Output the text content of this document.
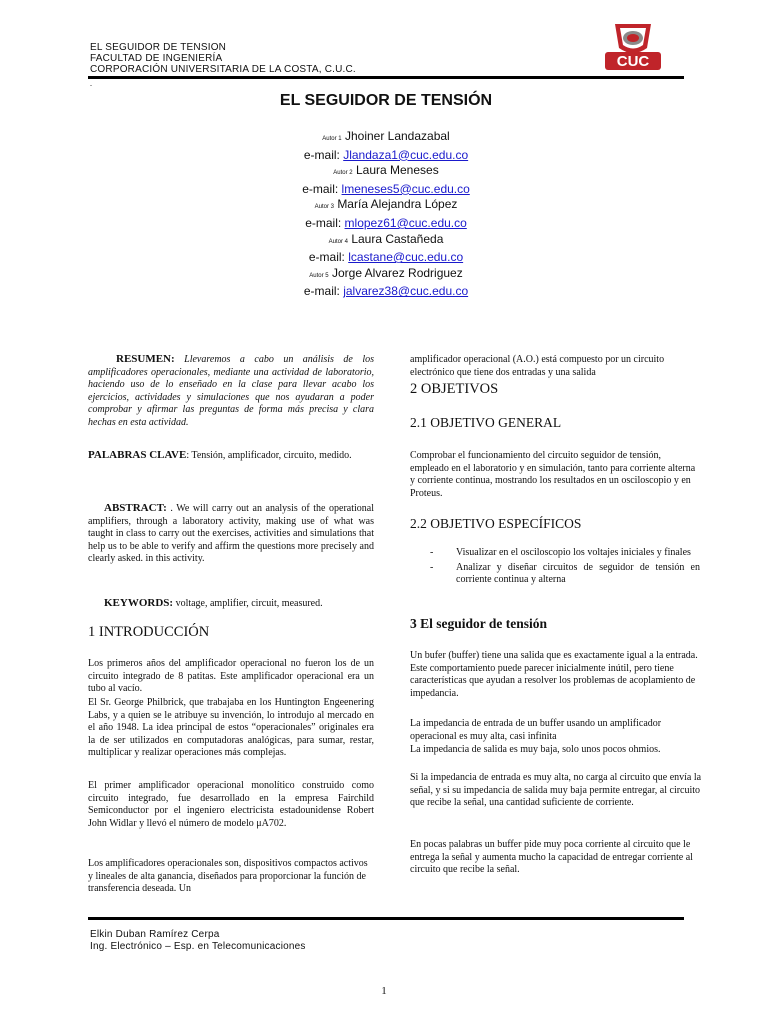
EL SEGUIDOR DE TENSION
FACULTAD DE INGENIERÍA
CORPORACIÓN UNIVERSITARIA DE LA COSTA, C.U.C.	CUC
.
EL SEGUIDOR DE TENSIÓN
Autor 1 Jhoiner Landazabal
e-mail: Jlandaza1@cuc.edu.co
Autor 2 Laura Meneses
e-mail: lmeneses5@cuc.edu.co
Autor 3 María Alejandra López
e-mail: mlopez61@cuc.edu.co
Autor 4 Laura Castañeda
e-mail: lcastane@cuc.edu.co
Autor 5 Jorge Alvarez Rodriguez
e-mail: jalvarez38@cuc.edu.co
RESUMEN: Llevaremos a cabo un análisis de los amplificadores operacionales, mediante una actividad de laboratorio, haciendo uso de lo enseñado en la clase para llevar acabo los ejercicios, actividades y simulaciones que nos ayudaran a poder comprobar y afirmar las preguntas de forma más precisa y clara hechas en esta actividad.
PALABRAS CLAVE: Tensión, amplificador, circuito, medido.
ABSTRACT: . We will carry out an analysis of the operational amplifiers, through a laboratory activity, making use of what was taught in class to carry out the exercises, activities and simulations that help us to be able to verify and affirm the questions more precisely and clearly asked. in this activity.
KEYWORDS: voltage, amplifier, circuit, measured.
1 INTRODUCCIÓN
Los primeros años del amplificador operacional no fueron los de un circuito integrado de 8 patitas. Este amplificador operacional era un tubo al vacío.
El Sr. George Philbrick, que trabajaba en los Huntington Engeenering Labs, y a quien se le atribuye su invención, lo introdujo al mercado en el año 1948. La idea principal de estos “operacionales” originales era la de ser utilizados en computadoras analógicas, para sumar, restar, multiplicar y realizar operaciones más complejas.
El primer amplificador operacional monolítico construido como circuito integrado, fue desarrollado en la empresa Fairchild Semiconductor por el ingeniero electricista estadounidense Robert John Widlar y llevó el número de modelo μA702.
Los amplificadores operacionales son, dispositivos compactos activos y lineales de alta ganancia, diseñados para proporcionar la función de transferencia deseada. Un
amplificador operacional (A.O.) está compuesto por un circuito electrónico que tiene dos entradas y una salida
2 OBJETIVOS
2.1 OBJETIVO GENERAL
Comprobar el funcionamiento del circuito seguidor de tensión, empleado en el laboratorio y en simulación, tanto para corriente alterna y corriente continua, mostrando los resultados en un osciloscopio y en Proteus.
2.2 OBJETIVO ESPECÍFICOS
- Visualizar en el osciloscopio los voltajes iniciales y finales
- Analizar y diseñar circuitos de seguidor de tensión en corriente continua y alterna
3 El seguidor de tensión
Un bufer (buffer) tiene una salida que es exactamente igual a la entrada. Este comportamiento puede parecer inicialmente inútil, pero tiene características que ayudan a resolver los problemas de acoplamiento de impedancia.
La impedancia de entrada de un buffer usando un amplificador operacional es muy alta, casi infinita
La impedancia de salida es muy baja, solo unos pocos ohmios.
Si la impedancia de entrada es muy alta, no carga al circuito que envía la señal, y si su impedancia de salida muy baja permite entregar, al circuito que recibe la señal, una cantidad suficiente de corriente.
En pocas palabras un buffer pide muy poca corriente al circuito que le entrega la señal y aumenta mucho la capacidad de entregar corriente al circuito que recibe la señal.
Elkin Duban Ramírez Cerpa
Ing. Electrónico – Esp. en Telecomunicaciones
1
